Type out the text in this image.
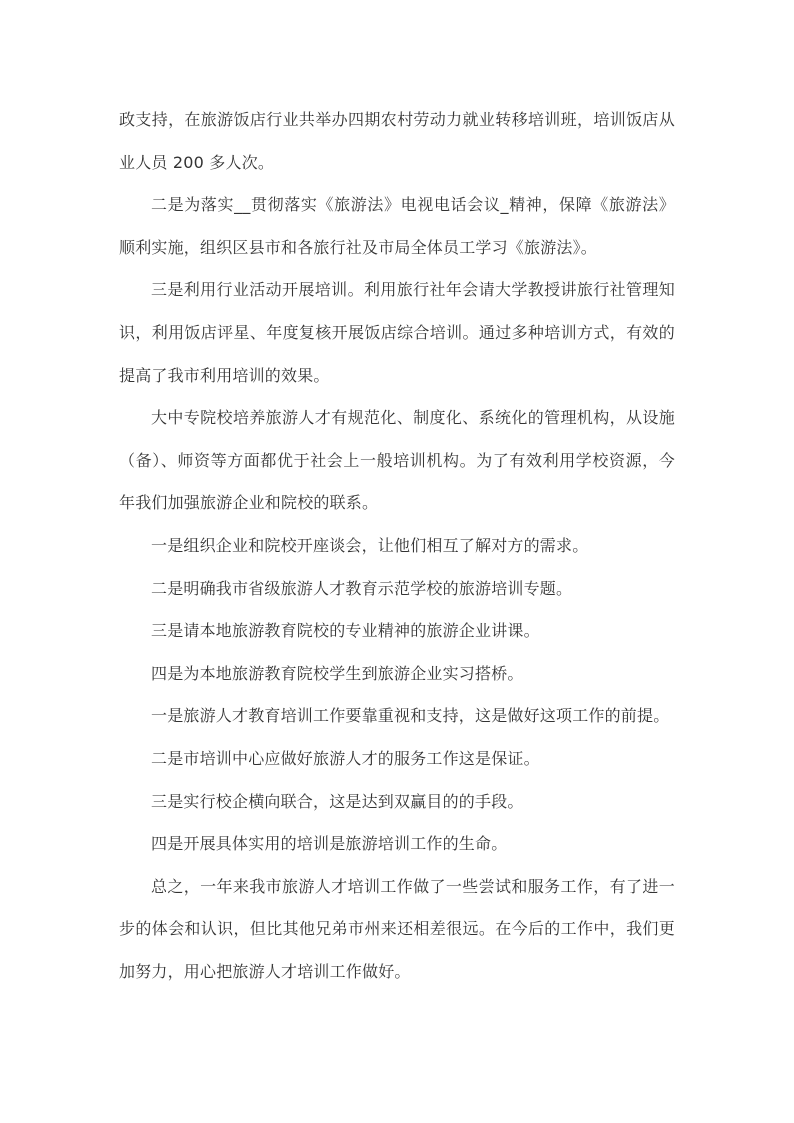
政支持，在旅游饭店行业共举办四期农村劳动力就业转移培训班，培训饭店从业人员 200 多人次。

二是为落实__贯彻落实《旅游法》电视电话会议_精神，保障《旅游法》顺利实施，组织区县市和各旅行社及市局全体员工学习《旅游法》。

三是利用行业活动开展培训。利用旅行社年会请大学教授讲旅行社管理知识，利用饭店评星、年度复核开展饭店综合培训。通过多种培训方式，有效的提高了我市利用培训的效果。

大中专院校培养旅游人才有规范化、制度化、系统化的管理机构，从设施（备）、师资等方面都优于社会上一般培训机构。为了有效利用学校资源，今年我们加强旅游企业和院校的联系。

一是组织企业和院校开座谈会，让他们相互了解对方的需求。

二是明确我市省级旅游人才教育示范学校的旅游培训专题。

三是请本地旅游教育院校的专业精神的旅游企业讲课。

四是为本地旅游教育院校学生到旅游企业实习搭桥。

一是旅游人才教育培训工作要靠重视和支持，这是做好这项工作的前提。

二是市培训中心应做好旅游人才的服务工作这是保证。

三是实行校企横向联合，这是达到双赢目的的手段。

四是开展具体实用的培训是旅游培训工作的生命。

总之，一年来我市旅游人才培训工作做了一些尝试和服务工作，有了进一步的体会和认识，但比其他兄弟市州来还相差很远。在今后的工作中，我们更加努力，用心把旅游人才培训工作做好。
